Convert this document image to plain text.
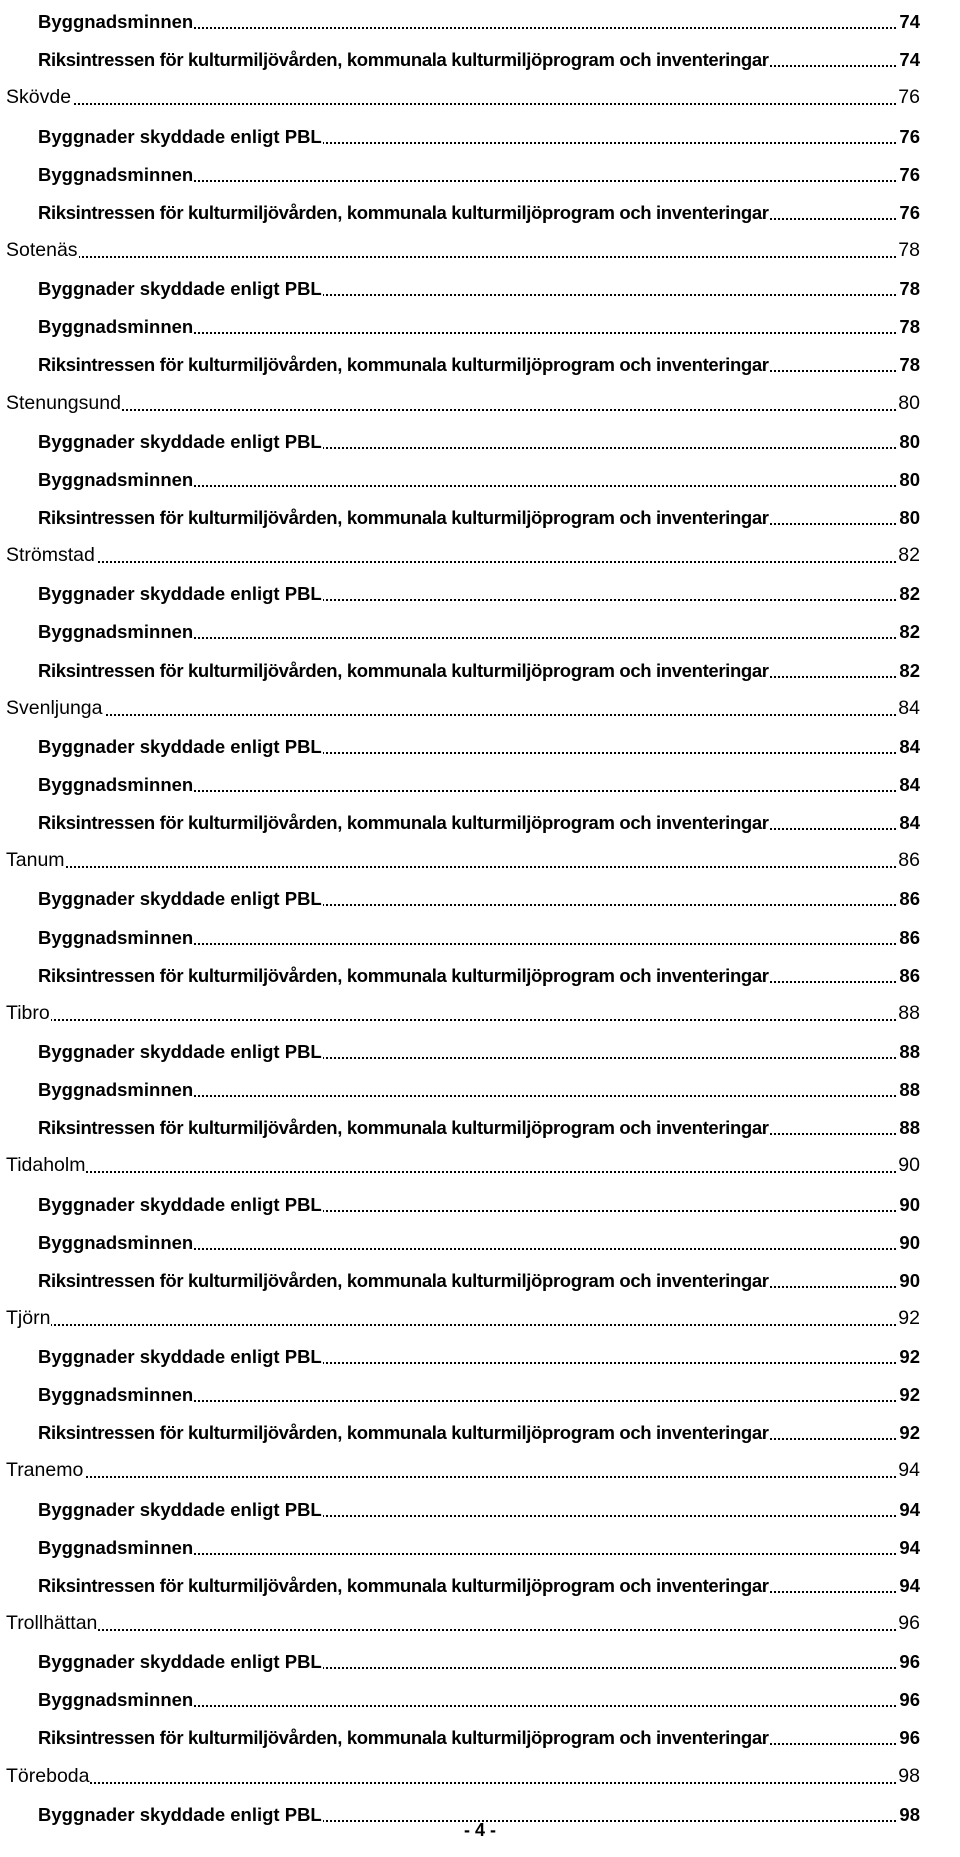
Byggnadsminnen	74
Riksintressen för kulturmiljövården, kommunala kulturmiljöprogram och inventeringar	74
Skövde	76
Byggnader skyddade enligt PBL	76
Byggnadsminnen	76
Riksintressen för kulturmiljövården, kommunala kulturmiljöprogram och inventeringar	76
Sotenäs	78
Byggnader skyddade enligt PBL	78
Byggnadsminnen	78
Riksintressen för kulturmiljövården, kommunala kulturmiljöprogram och inventeringar	78
Stenungsund	80
Byggnader skyddade enligt PBL	80
Byggnadsminnen	80
Riksintressen för kulturmiljövården, kommunala kulturmiljöprogram och inventeringar	80
Strömstad	82
Byggnader skyddade enligt PBL	82
Byggnadsminnen	82
Riksintressen för kulturmiljövården, kommunala kulturmiljöprogram och inventeringar	82
Svenljunga	84
Byggnader skyddade enligt PBL	84
Byggnadsminnen	84
Riksintressen för kulturmiljövården, kommunala kulturmiljöprogram och inventeringar	84
Tanum	86
Byggnader skyddade enligt PBL	86
Byggnadsminnen	86
Riksintressen för kulturmiljövården, kommunala kulturmiljöprogram och inventeringar	86
Tibro	88
Byggnader skyddade enligt PBL	88
Byggnadsminnen	88
Riksintressen för kulturmiljövården, kommunala kulturmiljöprogram och inventeringar	88
Tidaholm	90
Byggnader skyddade enligt PBL	90
Byggnadsminnen	90
Riksintressen för kulturmiljövården, kommunala kulturmiljöprogram och inventeringar	90
Tjörn	92
Byggnader skyddade enligt PBL	92
Byggnadsminnen	92
Riksintressen för kulturmiljövården, kommunala kulturmiljöprogram och inventeringar	92
Tranemo	94
Byggnader skyddade enligt PBL	94
Byggnadsminnen	94
Riksintressen för kulturmiljövården, kommunala kulturmiljöprogram och inventeringar	94
Trollhättan	96
Byggnader skyddade enligt PBL	96
Byggnadsminnen	96
Riksintressen för kulturmiljövården, kommunala kulturmiljöprogram och inventeringar	96
Töreboda	98
Byggnader skyddade enligt PBL	98
- 4 -
